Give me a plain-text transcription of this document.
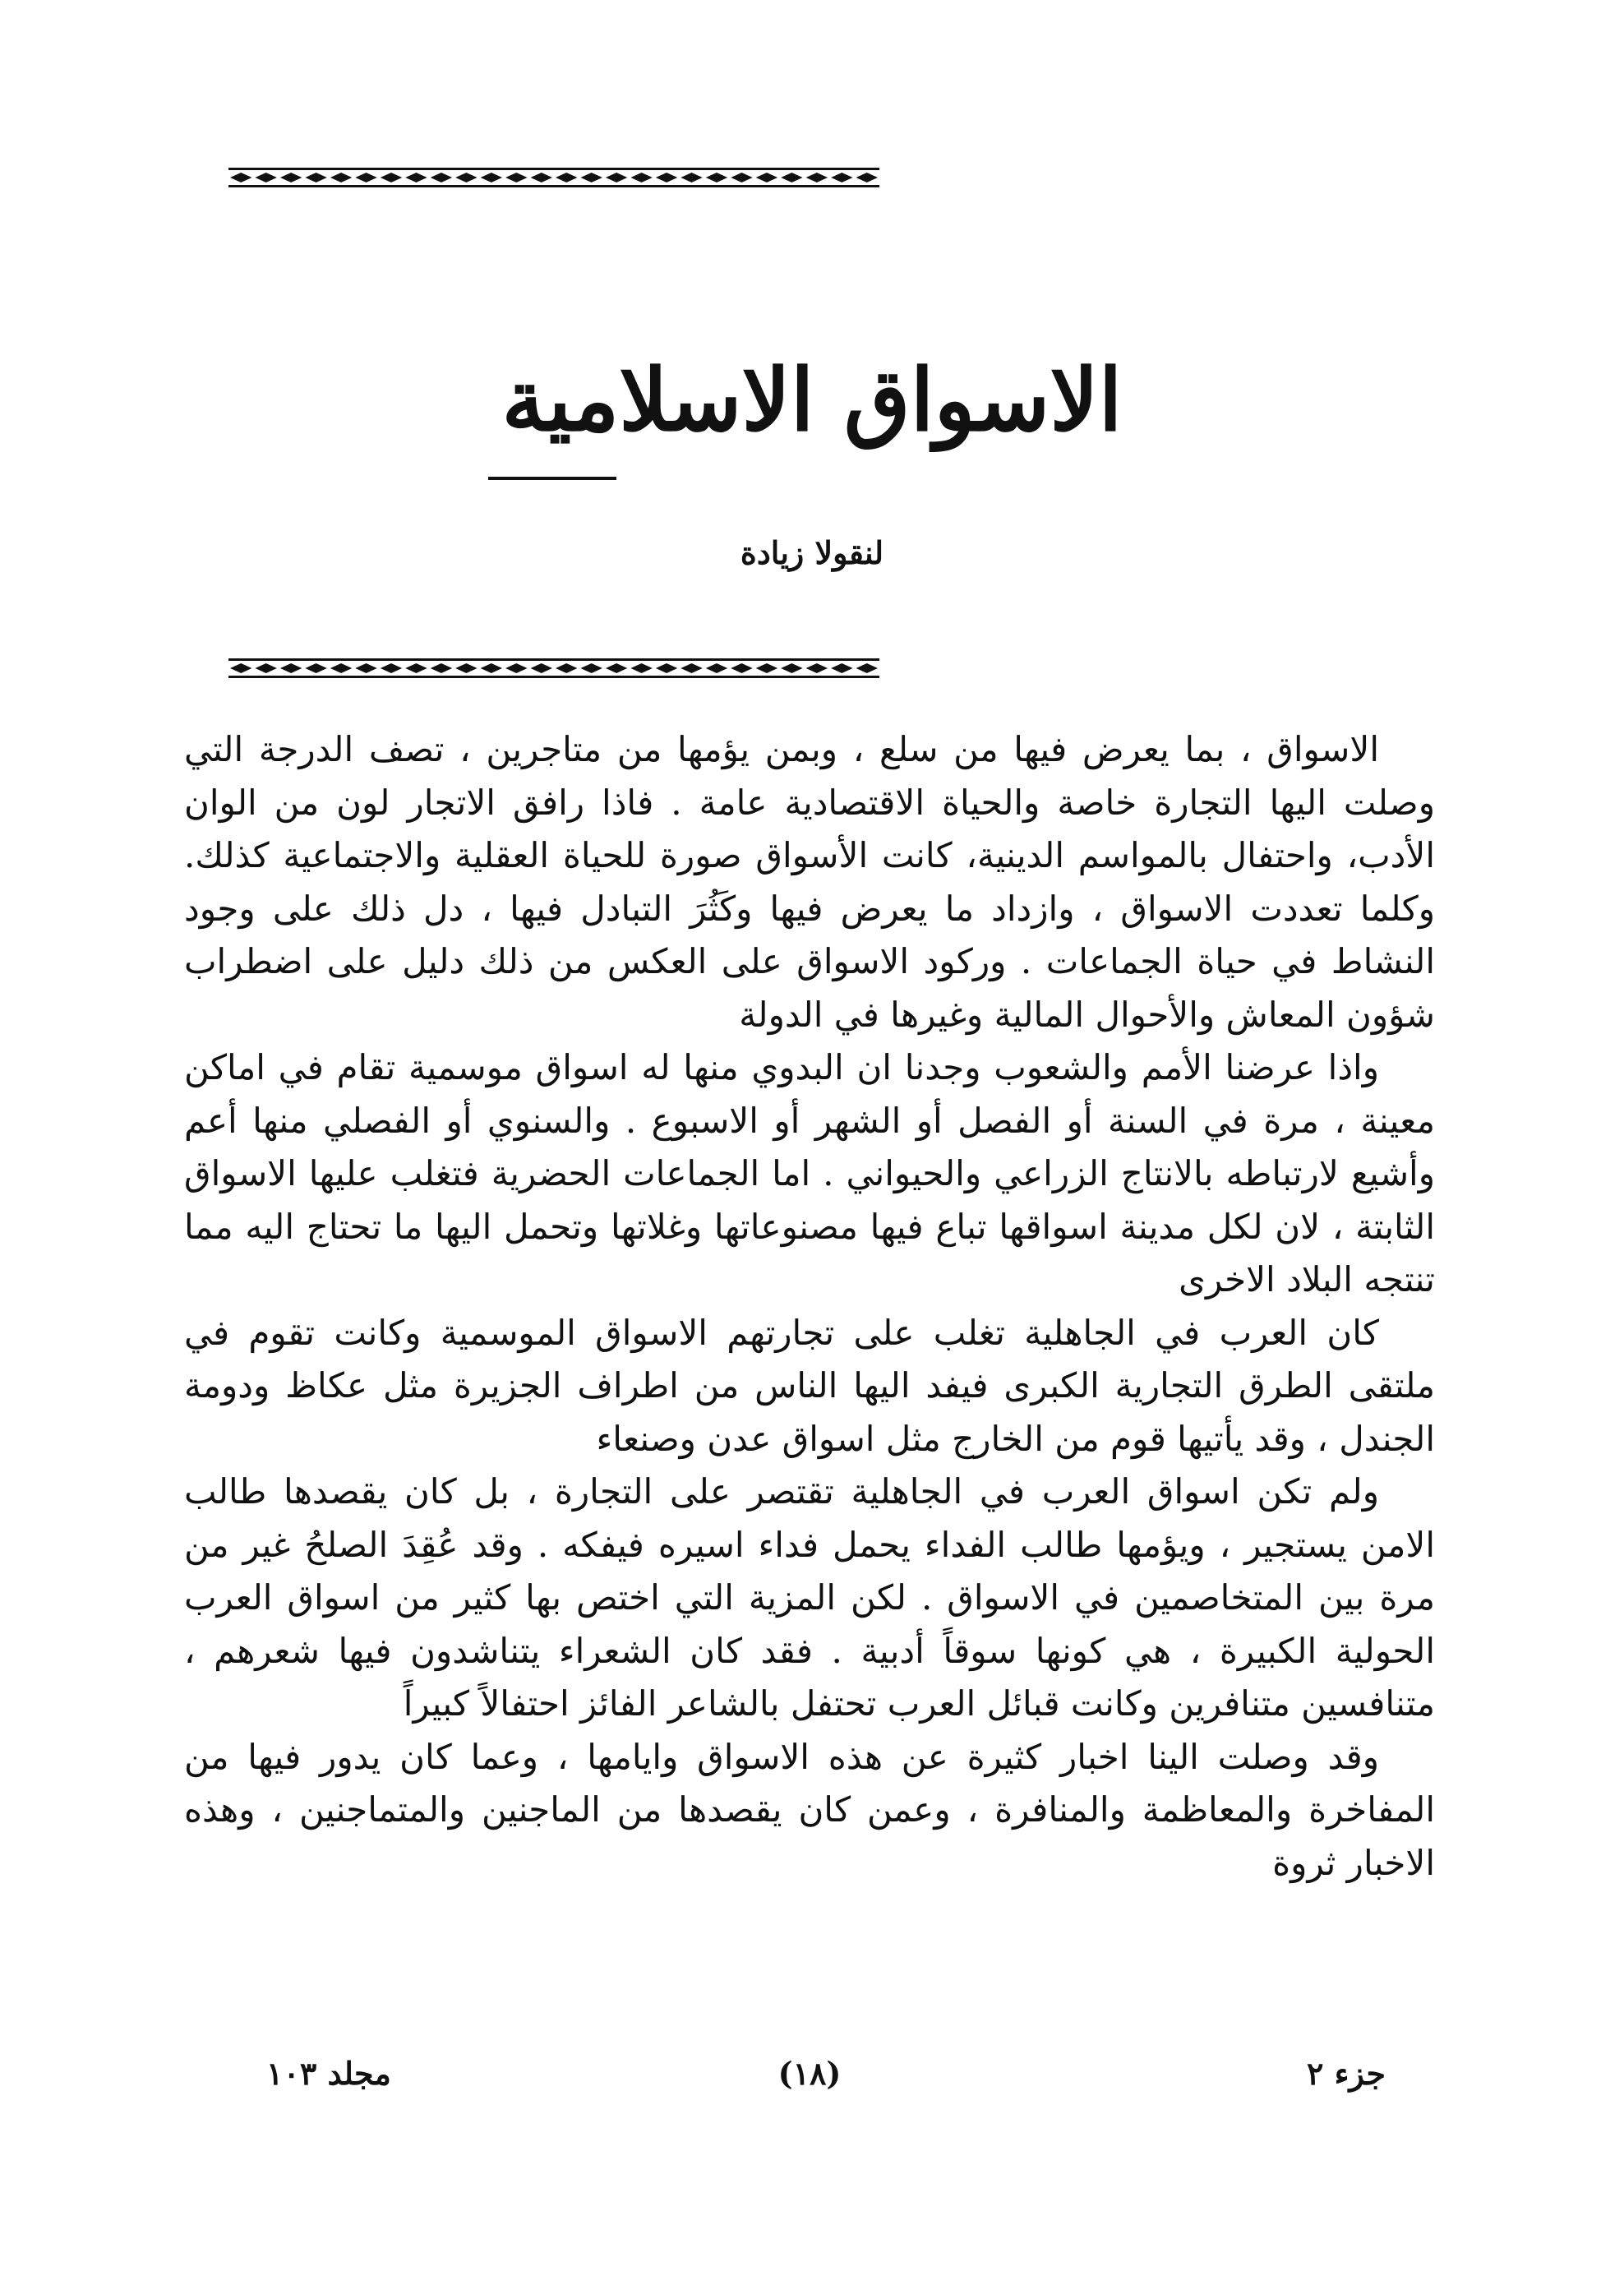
الاسواق الاسلامية
لنقولا زيادة

الاسواق ، بما يعرض فيها من سلع ، وبمن يؤمها من متاجرين ، تصف الدرجة التي وصلت اليها التجارة خاصة والحياة الاقتصادية عامة . فاذا رافق الاتجار لون من الوان الأدب، واحتفال بالمواسم الدينية، كانت الأسواق صورة للحياة العقلية والاجتماعية كذلك. وكلما تعددت الاسواق ، وازداد ما يعرض فيها وكَثُرَ التبادل فيها ، دل ذلك على وجود النشاط في حياة الجماعات . وركود الاسواق على العكس من ذلك دليل على اضطراب شؤون المعاش والأحوال المالية وغيرها في الدولة

واذا عرضنا الأمم والشعوب وجدنا ان البدوي منها له اسواق موسمية تقام في اماكن معينة ، مرة في السنة أو الفصل أو الشهر أو الاسبوع . والسنوي أو الفصلي منها أعم وأشيع لارتباطه بالانتاج الزراعي والحيواني . اما الجماعات الحضرية فتغلب عليها الاسواق الثابتة ، لان لكل مدينة اسواقها تباع فيها مصنوعاتها وغلاتها وتحمل اليها ما تحتاج اليه مما تنتجه البلاد الاخرى

كان العرب في الجاهلية تغلب على تجارتهم الاسواق الموسمية وكانت تقوم في ملتقى الطرق التجارية الكبرى فيفد اليها الناس من اطراف الجزيرة مثل عكاظ ودومة الجندل ، وقد يأتيها قوم من الخارج مثل اسواق عدن وصنعاء

ولم تكن اسواق العرب في الجاهلية تقتصر على التجارة ، بل كان يقصدها طالب الامن يستجير ، ويؤمها طالب الفداء يحمل فداء اسيره فيفكه . وقد عُقِدَ الصلحُ غير من مرة بين المتخاصمين في الاسواق . لكن المزية التي اختص بها كثير من اسواق العرب الحولية الكبيرة ، هي كونها سوقاً أدبية . فقد كان الشعراء يتناشدون فيها شعرهم ، متنافسين متنافرين وكانت قبائل العرب تحتفل بالشاعر الفائز احتفالاً كبيراً

وقد وصلت الينا اخبار كثيرة عن هذه الاسواق وايامها ، وعما كان يدور فيها من المفاخرة والمعاظمة والمنافرة ، وعمن كان يقصدها من الماجنين والمتماجنين ، وهذه الاخبار ثروة

جزء ٢
(١٨)
مجلد ١٠٣
